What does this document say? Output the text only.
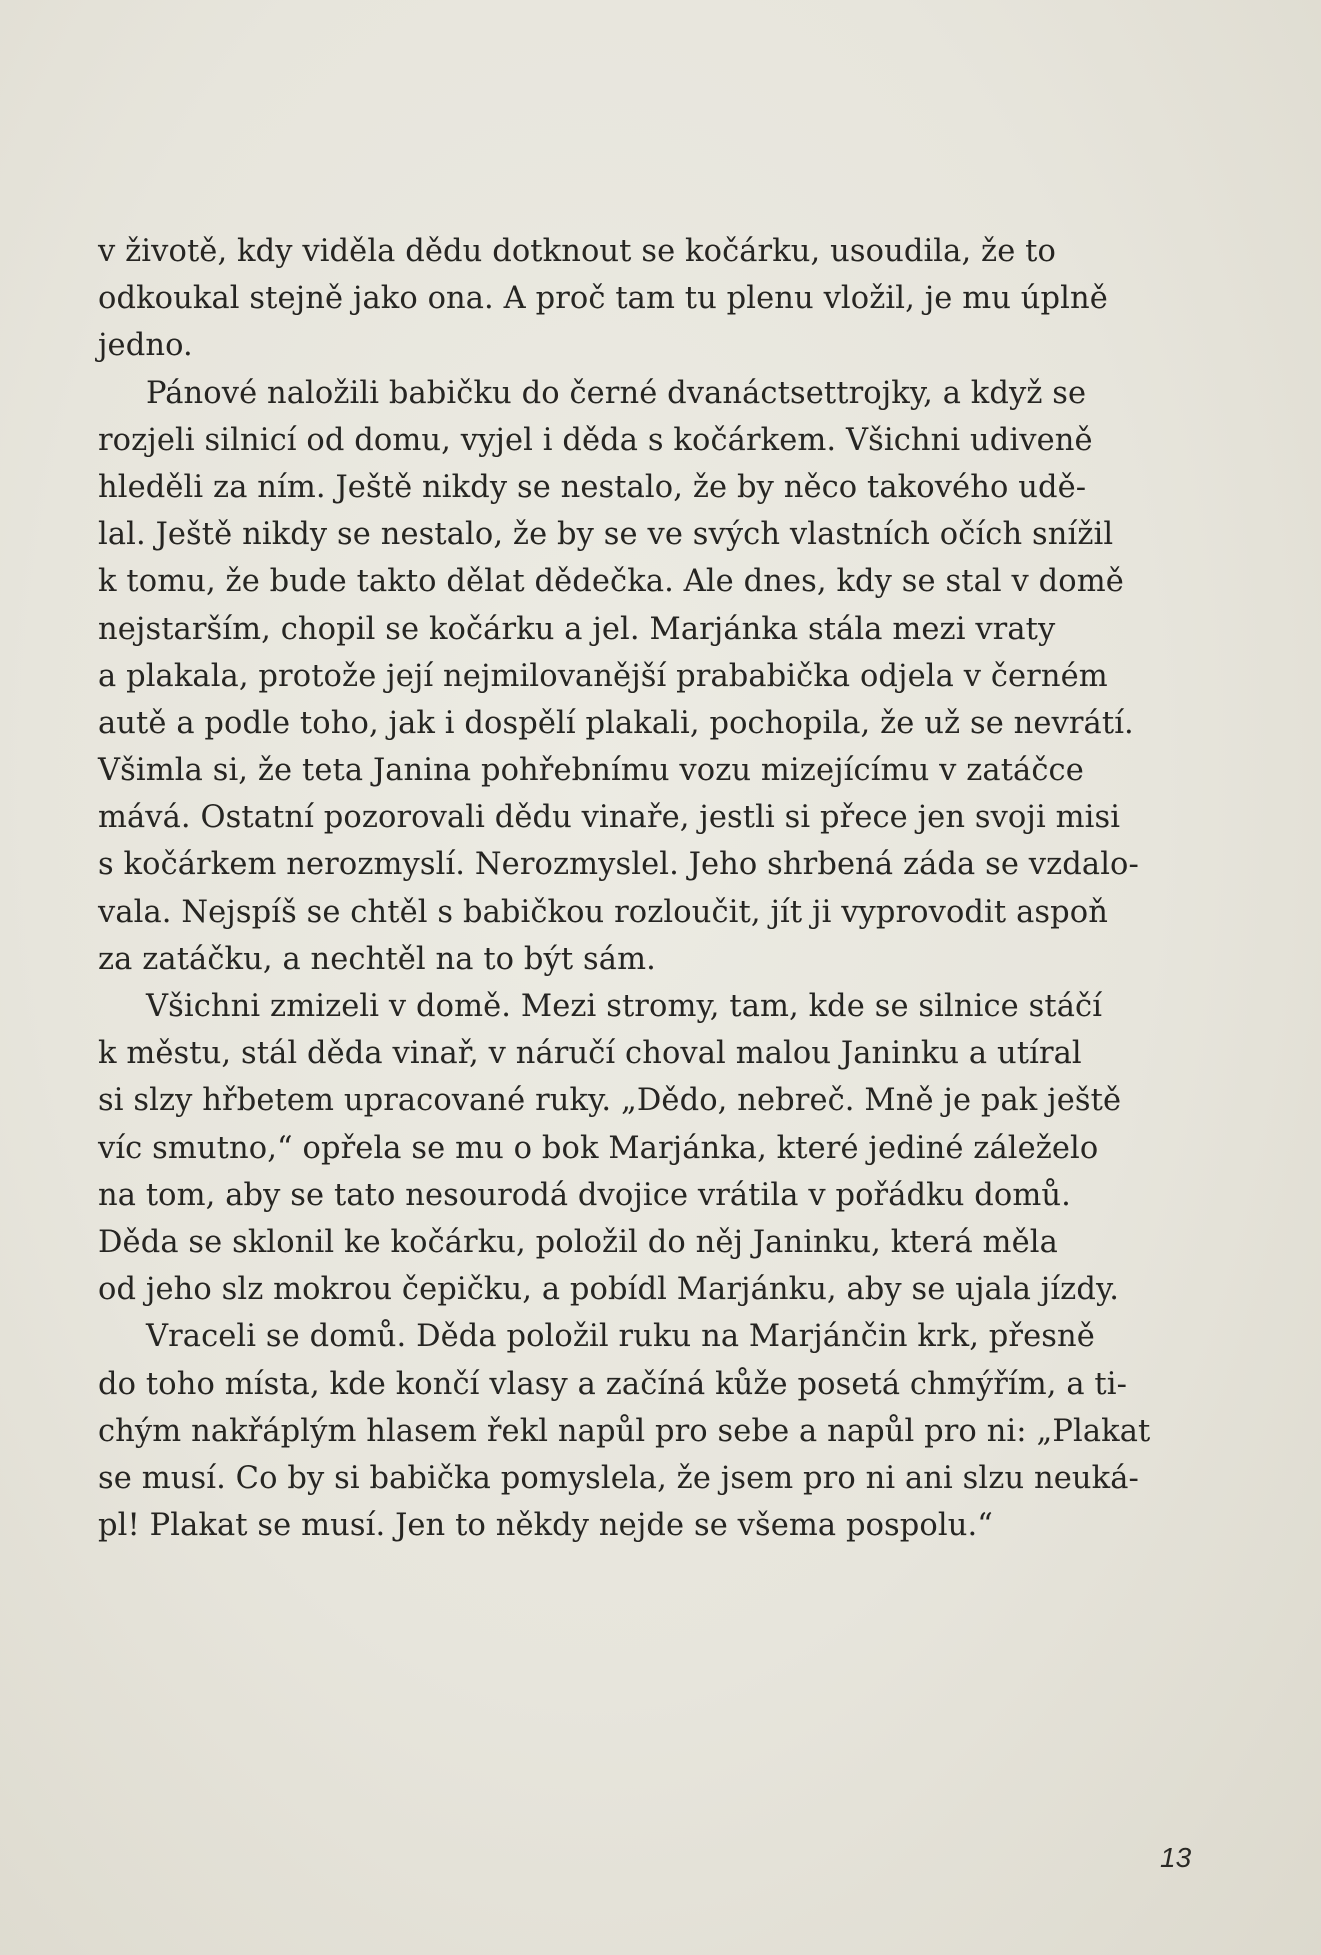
v životě, kdy viděla dědu dotknout se kočárku, usoudila, že to
odkoukal stejně jako ona. A proč tam tu plenu vložil, je mu úplně
jedno.
Pánové naložili babičku do černé dvanáctsettrojky, a když se
rozjeli silnicí od domu, vyjel i děda s kočárkem. Všichni udiveně
hleděli za ním. Ještě nikdy se nestalo, že by něco takového udě-
lal. Ještě nikdy se nestalo, že by se ve svých vlastních očích snížil
k tomu, že bude takto dělat dědečka. Ale dnes, kdy se stal v domě
nejstarším, chopil se kočárku a jel. Marjánka stála mezi vraty
a plakala, protože její nejmilovanější prababička odjela v černém
autě a podle toho, jak i dospělí plakali, pochopila, že už se nevrátí.
Všimla si, že teta Janina pohřebnímu vozu mizejícímu v zatáčce
mává. Ostatní pozorovali dědu vinaře, jestli si přece jen svoji misi
s kočárkem nerozmyslí. Nerozmyslel. Jeho shrbená záda se vzdalo-
vala. Nejspíš se chtěl s babičkou rozloučit, jít ji vyprovodit aspoň
za zatáčku, a nechtěl na to být sám.
Všichni zmizeli v domě. Mezi stromy, tam, kde se silnice stáčí
k městu, stál děda vinař, v náručí choval malou Janinku a utíral
si slzy hřbetem upracované ruky. „Dědo, nebreč. Mně je pak ještě
víc smutno,“ opřela se mu o bok Marjánka, které jediné záleželo
na tom, aby se tato nesourodá dvojice vrátila v pořádku domů.
Děda se sklonil ke kočárku, položil do něj Janinku, která měla
od jeho slz mokrou čepičku, a pobídl Marjánku, aby se ujala jízdy.
Vraceli se domů. Děda položil ruku na Marjánčin krk, přesně
do toho místa, kde končí vlasy a začíná kůže posetá chmýřím, a ti-
chým nakřáplým hlasem řekl napůl pro sebe a napůl pro ni: „Plakat
se musí. Co by si babička pomyslela, že jsem pro ni ani slzu neuká-
pl! Plakat se musí. Jen to někdy nejde se všema pospolu.“
13
